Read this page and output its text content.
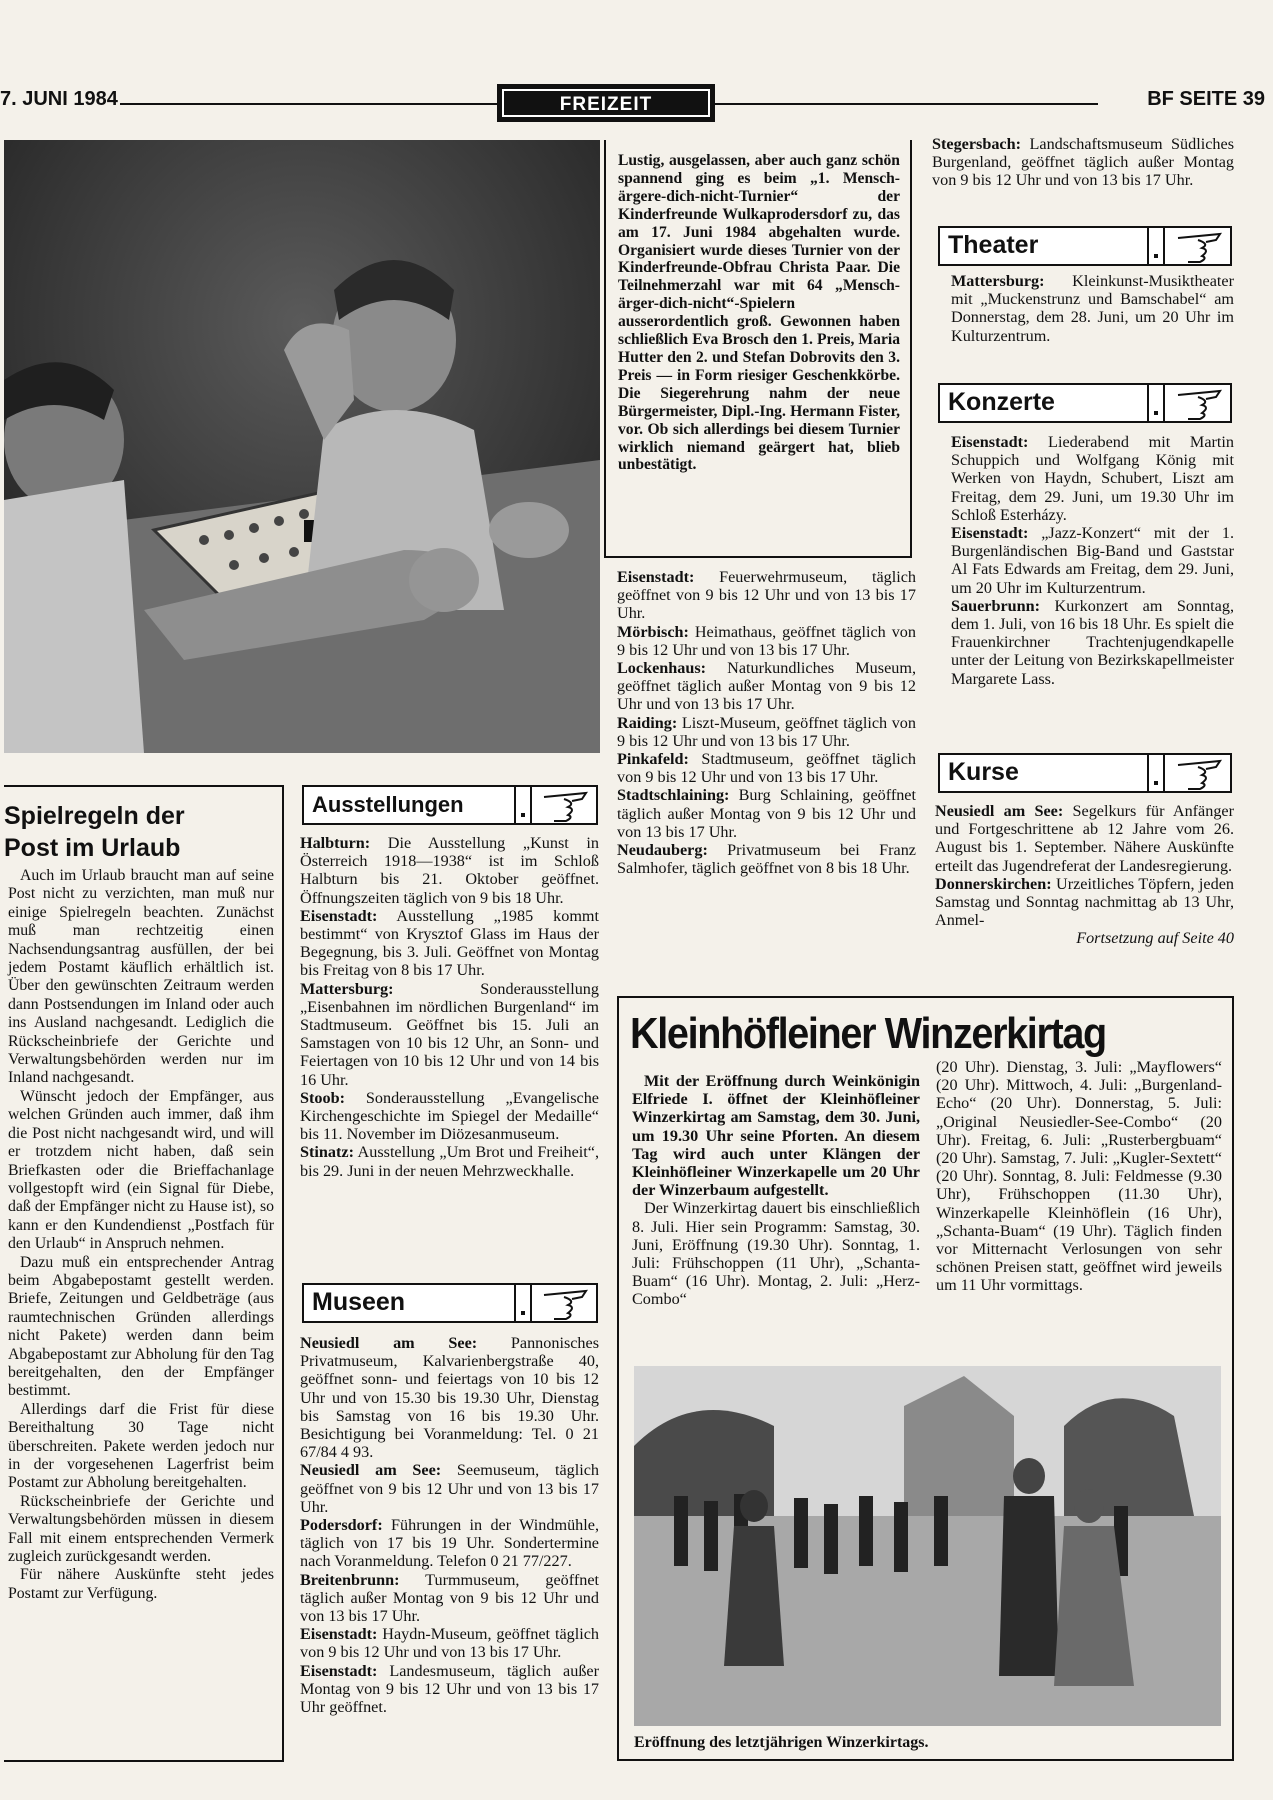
7. JUNI 1984	FREIZEIT	BF SEITE 39
Lustig, ausgelassen, aber auch ganz schön spannend ging es beim „1. Mensch-ärgere-dich-nicht-Turnier“ der Kinderfreunde Wulkaprodersdorf zu, das am 17. Juni 1984 abgehalten wurde. Organisiert wurde dieses Turnier von der Kinderfreunde-Obfrau Christa Paar. Die Teilnehmerzahl war mit 64 „Mensch-ärger-dich-nicht“-Spielern ausserordentlich groß. Gewonnen haben schließlich Eva Brosch den 1. Preis, Maria Hutter den 2. und Stefan Dobrovits den 3. Preis — in Form riesiger Geschenkkörbe. Die Siegerehrung nahm der neue Bürgermeister, Dipl.-Ing. Hermann Fister, vor. Ob sich allerdings bei diesem Turnier wirklich niemand geärgert hat, blieb unbestätigt.

Eisenstadt: Feuerwehrmuseum, täglich geöffnet von 9 bis 12 Uhr und von 13 bis 17 Uhr.

Mörbisch: Heimathaus, geöffnet täglich von 9 bis 12 Uhr und von 13 bis 17 Uhr.

Lockenhaus: Naturkundliches Museum, geöffnet täglich außer Montag von 9 bis 12 Uhr und von 13 bis 17 Uhr.

Raiding: Liszt-Museum, geöffnet täglich von 9 bis 12 Uhr und von 13 bis 17 Uhr.

Pinkafeld: Stadtmuseum, geöffnet täglich von 9 bis 12 Uhr und von 13 bis 17 Uhr.

Stadtschlaining: Burg Schlaining, geöffnet täglich außer Montag von 9 bis 12 Uhr und von 13 bis 17 Uhr.

Neudauberg: Privatmuseum bei Franz Salmhofer, täglich geöffnet von 8 bis 18 Uhr.

Stegersbach: Landschaftsmuseum Südliches Burgenland, geöffnet täglich außer Montag von 9 bis 12 Uhr und von 13 bis 17 Uhr.

Theater

Mattersburg: Kleinkunst-Musiktheater mit „Muckenstrunz und Bamschabel“ am Donnerstag, dem 28. Juni, um 20 Uhr im Kulturzentrum.

Konzerte

Eisenstadt: Liederabend mit Martin Schuppich und Wolfgang König mit Werken von Haydn, Schubert, Liszt am Freitag, dem 29. Juni, um 19.30 Uhr im Schloß Esterházy.

Eisenstadt: „Jazz-Konzert“ mit der 1. Burgenländischen Big-Band und Gaststar Al Fats Edwards am Freitag, dem 29. Juni, um 20 Uhr im Kulturzentrum.

Sauerbrunn: Kurkonzert am Sonntag, dem 1. Juli, von 16 bis 18 Uhr. Es spielt die Frauenkirchner Trachtenjugendkapelle unter der Leitung von Bezirkskapellmeister Margarete Lass.

Kurse

Neusiedl am See: Segelkurs für Anfänger und Fortgeschrittene ab 12 Jahre vom 26. August bis 1. September. Nähere Auskünfte erteilt das Jugendreferat der Landesregierung.

Donnerskirchen: Urzeitliches Töpfern, jeden Samstag und Sonntag nachmittag ab 13 Uhr, Anmel-

Fortsetzung auf Seite 40

Spielregeln der
Post im Urlaub

Auch im Urlaub braucht man auf seine Post nicht zu verzichten, man muß nur einige Spielregeln beachten. Zunächst muß man rechtzeitig einen Nachsendungsantrag ausfüllen, der bei jedem Postamt käuflich erhältlich ist. Über den gewünschten Zeitraum werden dann Postsendungen im Inland oder auch ins Ausland nachgesandt. Lediglich die Rückscheinbriefe der Gerichte und Verwaltungsbehörden werden nur im Inland nachgesandt.

Wünscht jedoch der Empfänger, aus welchen Gründen auch immer, daß ihm die Post nicht nachgesandt wird, und will er trotzdem nicht haben, daß sein Briefkasten oder die Brieffachanlage vollgestopft wird (ein Signal für Diebe, daß der Empfänger nicht zu Hause ist), so kann er den Kundendienst „Postfach für den Urlaub“ in Anspruch nehmen.

Dazu muß ein entsprechender Antrag beim Abgabepostamt gestellt werden. Briefe, Zeitungen und Geldbeträge (aus raumtechnischen Gründen allerdings nicht Pakete) werden dann beim Abgabepostamt zur Abholung für den Tag bereitgehalten, den der Empfänger bestimmt.

Allerdings darf die Frist für diese Bereithaltung 30 Tage nicht überschreiten. Pakete werden jedoch nur in der vorgesehenen Lagerfrist beim Postamt zur Abholung bereitgehalten.

Rückscheinbriefe der Gerichte und Verwaltungsbehörden müssen in diesem Fall mit einem entsprechenden Vermerk zugleich zurückgesandt werden.

Für nähere Auskünfte steht jedes Postamt zur Verfügung.

Ausstellungen

Halbturn: Die Ausstellung „Kunst in Österreich 1918—1938“ ist im Schloß Halbturn bis 21. Oktober geöffnet. Öffnungszeiten täglich von 9 bis 18 Uhr.

Eisenstadt: Ausstellung „1985 kommt bestimmt“ von Krysztof Glass im Haus der Begegnung, bis 3. Juli. Geöffnet von Montag bis Freitag von 8 bis 17 Uhr.

Mattersburg: Sonderausstellung „Eisenbahnen im nördlichen Burgenland“ im Stadtmuseum. Geöffnet bis 15. Juli an Samstagen von 10 bis 12 Uhr, an Sonn- und Feiertagen von 10 bis 12 Uhr und von 14 bis 16 Uhr.

Stoob: Sonderausstellung „Evangelische Kirchengeschichte im Spiegel der Medaille“ bis 11. November im Diözesanmuseum.

Stinatz: Ausstellung „Um Brot und Freiheit“, bis 29. Juni in der neuen Mehrzweckhalle.

Museen

Neusiedl am See: Pannonisches Privatmuseum, Kalvarienbergstraße 40, geöffnet sonn- und feiertags von 10 bis 12 Uhr und von 15.30 bis 19.30 Uhr, Dienstag bis Samstag von 16 bis 19.30 Uhr. Besichtigung bei Voranmeldung: Tel. 0 21 67/84 4 93.

Neusiedl am See: Seemuseum, täglich geöffnet von 9 bis 12 Uhr und von 13 bis 17 Uhr.

Podersdorf: Führungen in der Windmühle, täglich von 17 bis 19 Uhr. Sondertermine nach Voranmeldung. Telefon 0 21 77/227.

Breitenbrunn: Turmmuseum, geöffnet täglich außer Montag von 9 bis 12 Uhr und von 13 bis 17 Uhr.

Eisenstadt: Haydn-Museum, geöffnet täglich von 9 bis 12 Uhr und von 13 bis 17 Uhr.

Eisenstadt: Landesmuseum, täglich außer Montag von 9 bis 12 Uhr und von 13 bis 17 Uhr geöffnet.

Kleinhöfleiner Winzerkirtag

Mit der Eröffnung durch Weinkönigin Elfriede I. öffnet der Kleinhöfleiner Winzerkirtag am Samstag, dem 30. Juni, um 19.30 Uhr seine Pforten. An diesem Tag wird auch unter Klängen der Kleinhöfleiner Winzerkapelle um 20 Uhr der Winzerbaum aufgestellt.

Der Winzerkirtag dauert bis einschließlich 8. Juli. Hier sein Programm: Samstag, 30. Juni, Eröffnung (19.30 Uhr). Sonntag, 1. Juli: Frühschoppen (11 Uhr), „Schanta-Buam“ (16 Uhr). Montag, 2. Juli: „Herz-Combo“

(20 Uhr). Dienstag, 3. Juli: „Mayflowers“ (20 Uhr). Mittwoch, 4. Juli: „Burgenland-Echo“ (20 Uhr). Donnerstag, 5. Juli: „Original Neusiedler-See-Combo“ (20 Uhr). Freitag, 6. Juli: „Rusterbergbuam“ (20 Uhr). Samstag, 7. Juli: „Kugler-Sextett“ (20 Uhr). Sonntag, 8. Juli: Feldmesse (9.30 Uhr), Frühschoppen (11.30 Uhr), Winzerkapelle Kleinhöflein (16 Uhr), „Schanta-Buam“ (19 Uhr). Täglich finden vor Mitternacht Verlosungen von sehr schönen Preisen statt, geöffnet wird jeweils um 11 Uhr vormittags.

Eröffnung des letztjährigen Winzerkirtags.
